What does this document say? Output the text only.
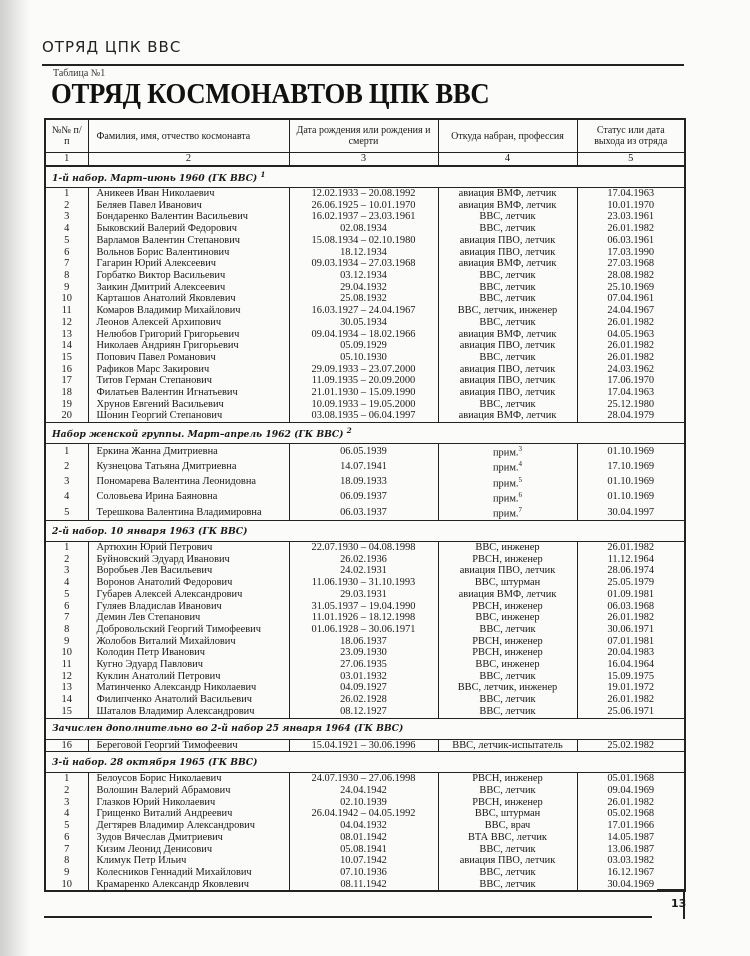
ОТРЯД ЦПК ВВС
Таблица №1
ОТРЯД КОСМОНАВТОВ ЦПК ВВС
№№ п/п	Фамилия, имя, отчество космонавта	Дата рождения или рождения и смерти	Откуда набран, профессия	Статус или дата выхода из отряда
1	2	3	4	5
1-й набор. Март–июнь 1960 (ГК ВВС) $^1$
1	Аникеев Иван Николаевич	12.02.1933 – 20.08.1992	авиация ВМФ, летчик	17.04.1963
2	Беляев Павел Иванович	26.06.1925 – 10.01.1970	авиация ВМФ, летчик	10.01.1970
3	Бондаренко Валентин Васильевич	16.02.1937 – 23.03.1961	ВВС, летчик	23.03.1961
4	Быковский Валерий Федорович	02.08.1934	ВВС, летчик	26.01.1982
5	Варламов Валентин Степанович	15.08.1934 – 02.10.1980	авиация ПВО, летчик	06.03.1961
6	Вольнов Борис Валентинович	18.12.1934	авиация ПВО, летчик	17.03.1990
7	Гагарин Юрий Алексеевич	09.03.1934 – 27.03.1968	авиация ВМФ, летчик	27.03.1968
8	Горбатко Виктор Васильевич	03.12.1934	ВВС, летчик	28.08.1982
9	Заикин Дмитрий Алексеевич	29.04.1932	ВВС, летчик	25.10.1969
10	Карташов Анатолий Яковлевич	25.08.1932	ВВС, летчик	07.04.1961
11	Комаров Владимир Михайлович	16.03.1927 – 24.04.1967	ВВС, летчик, инженер	24.04.1967
12	Леонов Алексей Архипович	30.05.1934	ВВС, летчик	26.01.1982
13	Нелюбов Григорий Григорьевич	09.04.1934 – 18.02.1966	авиация ВМФ, летчик	04.05.1963
14	Николаев Андриян Григорьевич	05.09.1929	авиация ПВО, летчик	26.01.1982
15	Попович Павел Романович	05.10.1930	ВВС, летчик	26.01.1982
16	Рафиков Марс Закирович	29.09.1933 – 23.07.2000	авиация ПВО, летчик	24.03.1962
17	Титов Герман Степанович	11.09.1935 – 20.09.2000	авиация ПВО, летчик	17.06.1970
18	Филатьев Валентин Игнатьевич	21.01.1930 – 15.09.1990	авиация ПВО, летчик	17.04.1963
19	Хрунов Евгений Васильевич	10.09.1933 – 19.05.2000	ВВС, летчик	25.12.1980
20	Шонин Георгий Степанович	03.08.1935 – 06.04.1997	авиация ВМФ, летчик	28.04.1979
Набор женской группы. Март–апрель 1962 (ГК ВВС) $^2$
1	Еркина Жанна Дмитриевна	06.05.1939	прим.$^3$	01.10.1969
2	Кузнецова Татьяна Дмитриевна	14.07.1941	прим.$^4$	17.10.1969
3	Пономарева Валентина Леонидовна	18.09.1933	прим.$^5$	01.10.1969
4	Соловьева Ирина Баяновна	06.09.1937	прим.$^6$	01.10.1969
5	Терешкова Валентина Владимировна	06.03.1937	прим.$^7$	30.04.1997
2-й набор. 10 января 1963 (ГК ВВС)				
1	Артюхин Юрий Петрович	22.07.1930 – 04.08.1998	ВВС, инженер	26.01.1982
2	Буйновский Эдуард Иванович	26.02.1936	РВСН, инженер	11.12.1964
3	Воробьев Лев Васильевич	24.02.1931	авиация ПВО, летчик	28.06.1974
4	Воронов Анатолий Федорович	11.06.1930 – 31.10.1993	ВВС, штурман	25.05.1979
5	Губарев Алексей Александрович	29.03.1931	авиация ВМФ, летчик	01.09.1981
6	Гуляев Владислав Иванович	31.05.1937 – 19.04.1990	РВСН, инженер	06.03.1968
7	Демин Лев Степанович	11.01.1926 – 18.12.1998	ВВС, инженер	26.01.1982
8	Добровольский Георгий Тимофеевич	01.06.1928 – 30.06.1971	ВВС, летчик	30.06.1971
9	Жолобов Виталий Михайлович	18.06.1937	РВСН, инженер	07.01.1981
10	Колодин Петр Иванович	23.09.1930	РВСН, инженер	20.04.1983
11	Кугно Эдуард Павлович	27.06.1935	ВВС, инженер	16.04.1964
12	Куклин Анатолий Петрович	03.01.1932	ВВС, летчик	15.09.1975
13	Матинченко Александр Николаевич	04.09.1927	ВВС, летчик, инженер	19.01.1972
14	Филипченко Анатолий Васильевич	26.02.1928	ВВС, летчик	26.01.1982
15	Шаталов Владимир Александрович	08.12.1927	ВВС, летчик	25.06.1971
Зачислен дополнительно во 2-й набор 25 января 1964 (ГК ВВС)				
16	Береговой Георгий Тимофеевич	15.04.1921 – 30.06.1996	ВВС, летчик-испытатель	25.02.1982
3-й набор. 28 октября 1965 (ГК ВВС)				
1	Белоусов Борис Николаевич	24.07.1930 – 27.06.1998	РВСН, инженер	05.01.1968
2	Волошин Валерий Абрамович	24.04.1942	ВВС, летчик	09.04.1969
3	Глазков Юрий Николаевич	02.10.1939	РВСН, инженер	26.01.1982
4	Грищенко Виталий Андреевич	26.04.1942 – 04.05.1992	ВВС, штурман	05.02.1968
5	Дегтярев Владимир Александрович	04.04.1932	ВВС, врач	17.01.1966
6	Зудов Вячеслав Дмитриевич	08.01.1942	ВТА ВВС, летчик	14.05.1987
7	Кизим Леонид Денисович	05.08.1941	ВВС, летчик	13.06.1987
8	Климук Петр Ильич	10.07.1942	авиация ПВО, летчик	03.03.1982
9	Колесников Геннадий Михайлович	07.10.1936	ВВС, летчик	16.12.1967
10	Крамаренко Александр Яковлевич	08.11.1942	ВВС, летчик	30.04.1969
13
